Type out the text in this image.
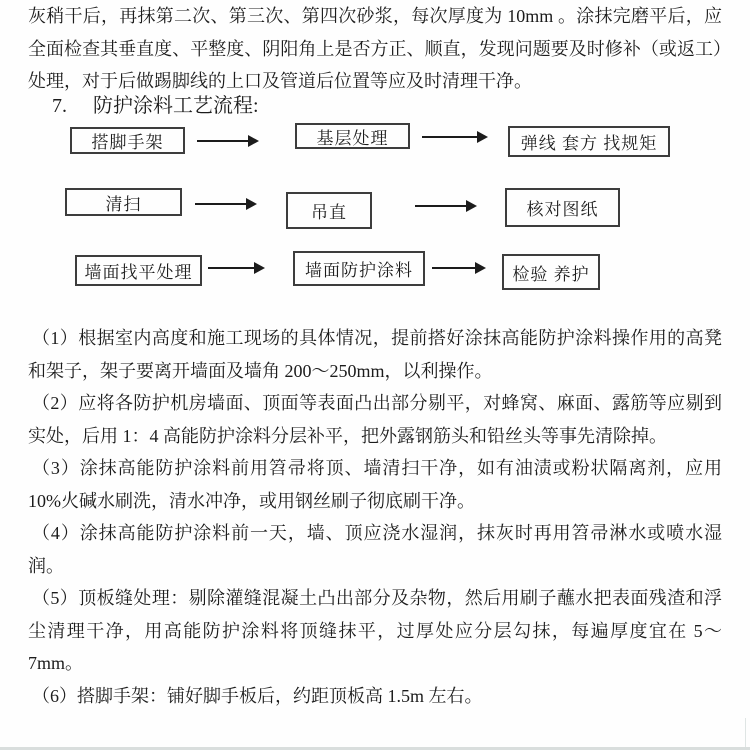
灰稍干后，再抹第二次、第三次、第四次砂浆，每次厚度为 10mm 。涂抹完磨平后，应全面检查其垂直度、平整度、阴阳角上是否方正、顺直，发现问题要及时修补（或返工）处理，对于后做踢脚线的上口及管道后位置等应及时清理干净。

7. 防护涂料工艺流程:
搭脚手架	基层处理	弹线 套方 找规矩
清扫	吊直	核对图纸
墙面找平处理	墙面防护涂料	检验 养护

（1）根据室内高度和施工现场的具体情况，提前搭好涂抹高能防护涂料操作用的高凳和架子，架子要离开墙面及墙角 200～250mm，以利操作。

（2）应将各防护机房墙面、顶面等表面凸出部分剔平，对蜂窝、麻面、露筋等应剔到实处，后用 1：4 高能防护涂料分层补平，把外露钢筋头和铅丝头等事先清除掉。

（3）涂抹高能防护涂料前用笤帚将顶、墙清扫干净，如有油渍或粉状隔离剂，应用 10%火碱水刷洗，清水冲净，或用钢丝刷子彻底刷干净。

（4）涂抹高能防护涂料前一天，墙、顶应浇水湿润，抹灰时再用笤帚淋水或喷水湿润。

（5）顶板缝处理：剔除灌缝混凝土凸出部分及杂物，然后用刷子蘸水把表面残渣和浮尘清理干净，用高能防护涂料将顶缝抹平，过厚处应分层勾抹，每遍厚度宜在 5～7mm。

（6）搭脚手架：铺好脚手板后，约距顶板高 1.5m 左右。
